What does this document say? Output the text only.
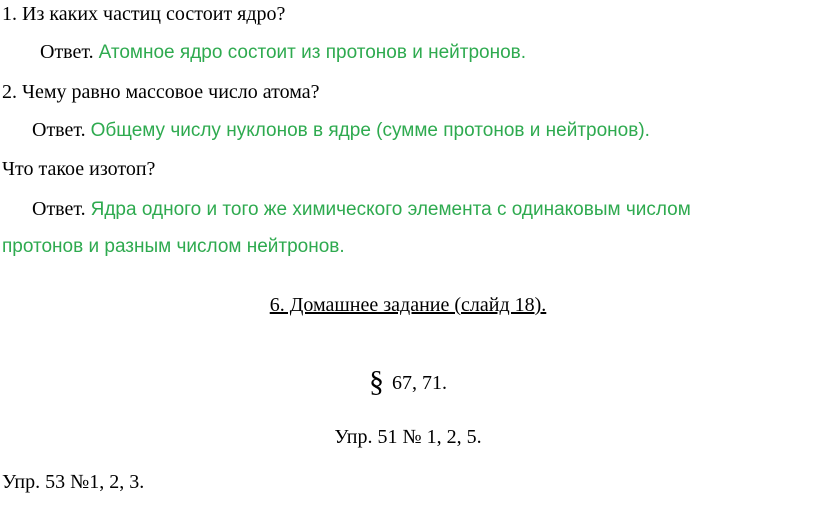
1. Из каких частиц состоит ядро?
Ответ. Атомное ядро состоит из протонов и нейтронов.
2. Чему равно массовое число атома?
Ответ. Общему числу нуклонов в ядре (сумме протонов и нейтронов).
Что такое изотоп?
Ответ. Ядра одного и того же химического элемента с одинаковым числом
протонов и разным числом нейтронов.
6. Домашнее задание (слайд 18).
§ 67, 71.
Упр. 51 № 1, 2, 5.
Упр. 53 №1, 2, 3.
